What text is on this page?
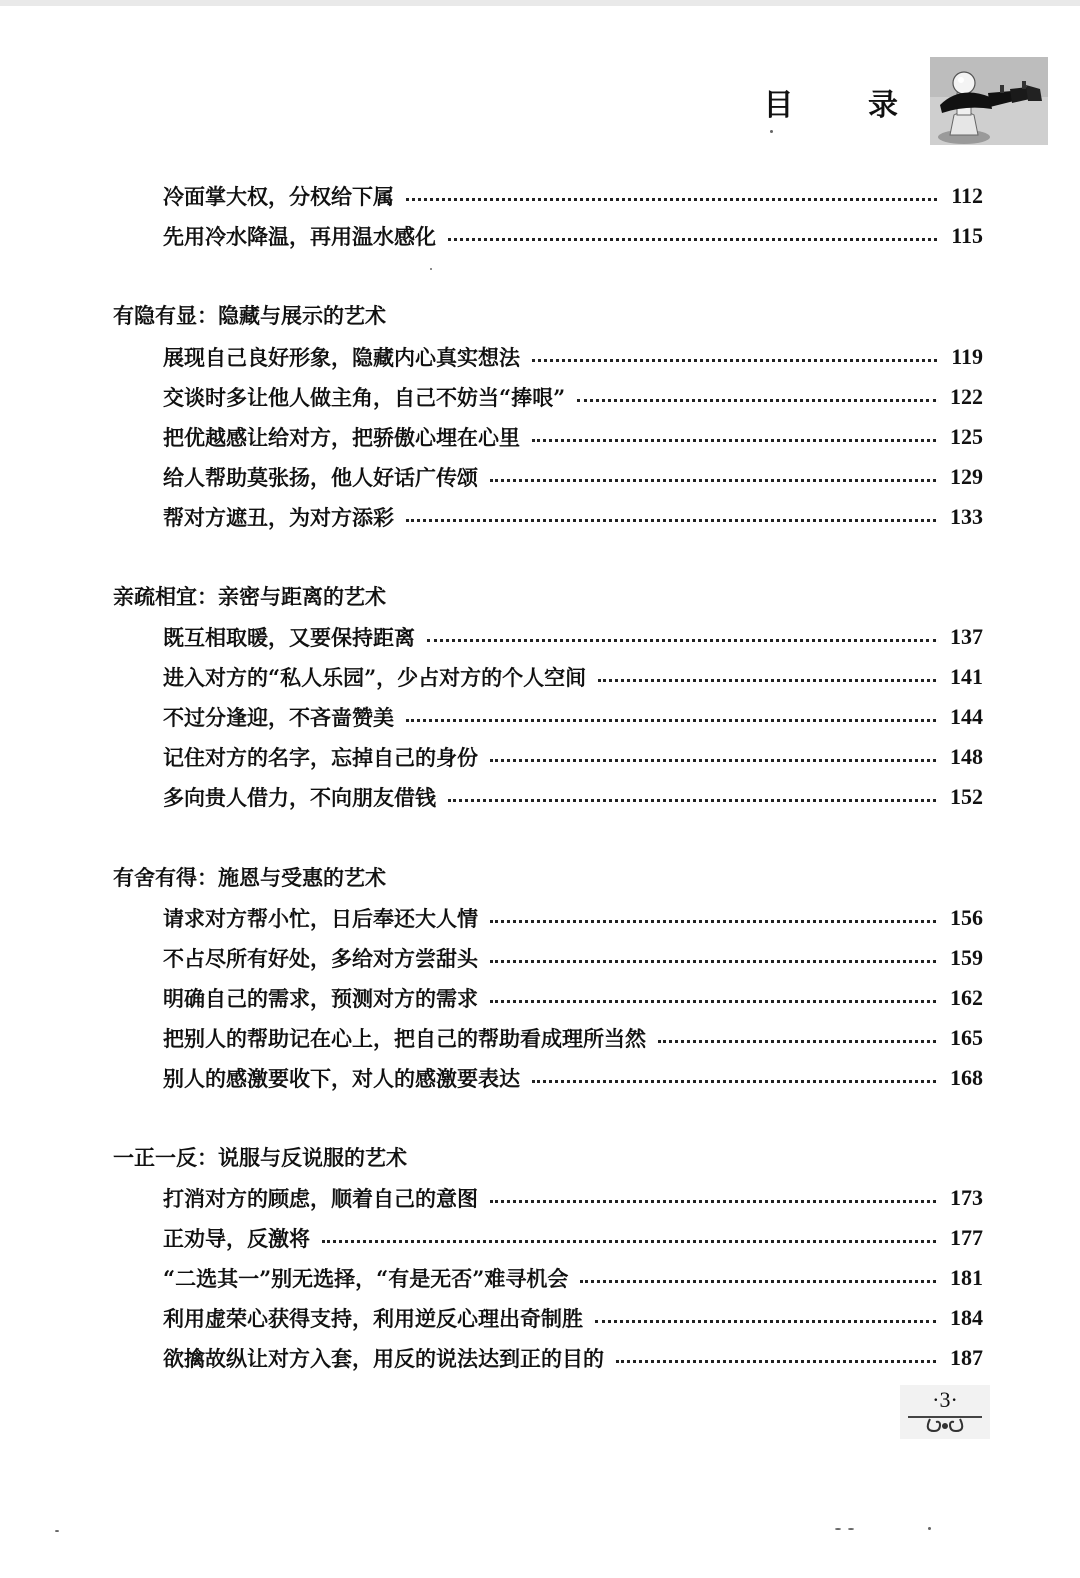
目 录
冷面掌大权，分权给下属	112
先用冷水降温，再用温水感化	115
有隐有显：隐藏与展示的艺术
展现自己良好形象，隐藏内心真实想法	119
交谈时多让他人做主角，自己不妨当“捧哏”	122
把优越感让给对方，把骄傲心埋在心里	125
给人帮助莫张扬，他人好话广传颂	129
帮对方遮丑，为对方添彩	133
亲疏相宜：亲密与距离的艺术
既互相取暖，又要保持距离	137
进入对方的“私人乐园”，少占对方的个人空间	141
不过分逢迎，不吝啬赞美	144
记住对方的名字，忘掉自己的身份	148
多向贵人借力，不向朋友借钱	152
有舍有得：施恩与受惠的艺术
请求对方帮小忙，日后奉还大人情	156
不占尽所有好处，多给对方尝甜头	159
明确自己的需求，预测对方的需求	162
把别人的帮助记在心上，把自己的帮助看成理所当然	165
别人的感激要收下，对人的感激要表达	168
一正一反：说服与反说服的艺术
打消对方的顾虑，顺着自己的意图	173
正劝导，反激将	177
“二选其一”别无选择，“有是无否”难寻机会	181
利用虚荣心获得支持，利用逆反心理出奇制胜	184
欲擒故纵让对方入套，用反的说法达到正的目的	187
·3·
